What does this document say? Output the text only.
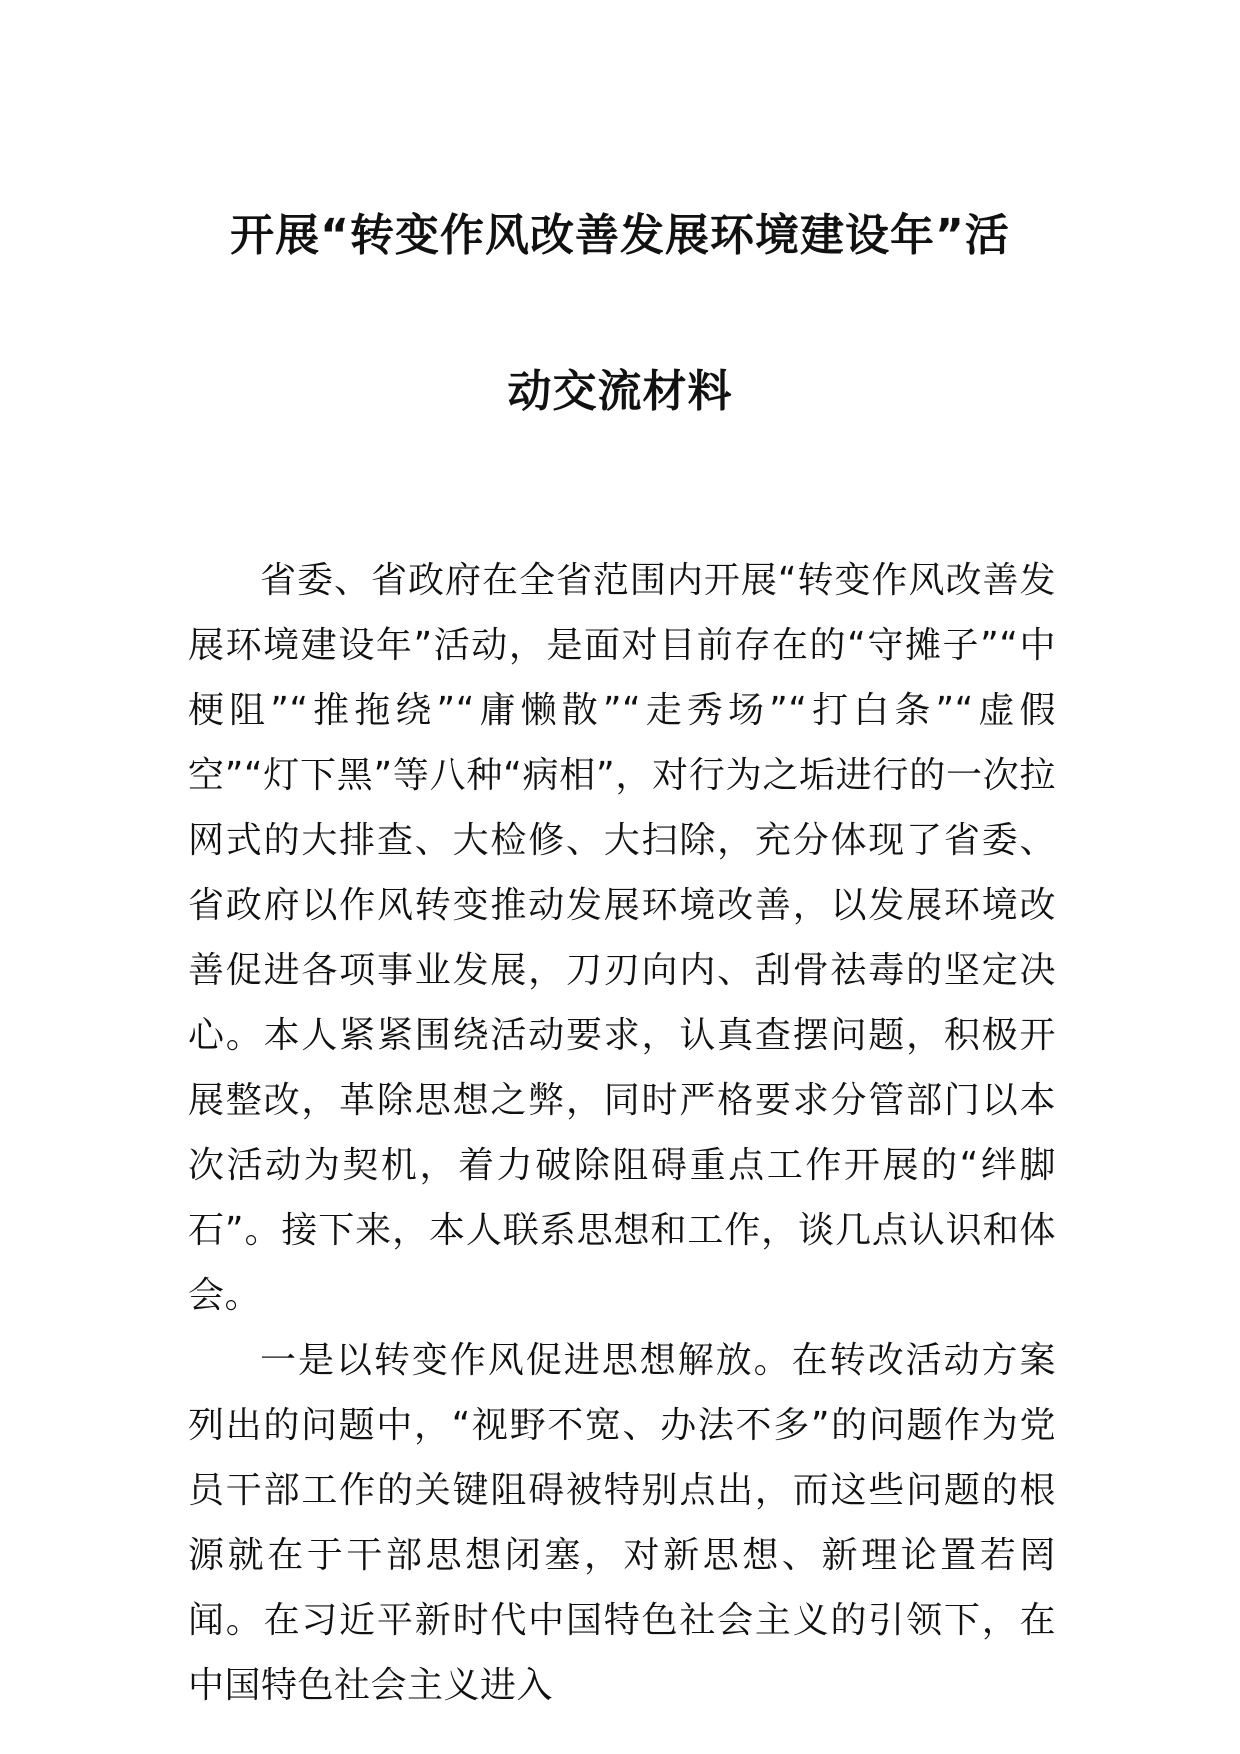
开展“转变作风改善发展环境建设年”活
动交流材料

省委、省政府在全省范围内开展“转变作风改善发展环境建设年”活动，是面对目前存在的“守摊子”“中梗阻”“推拖绕”“庸懒散”“走秀场”“打白条”“虚假空”“灯下黑”等八种“病相”，对行为之垢进行的一次拉网式的大排查、大检修、大扫除，充分体现了省委、省政府以作风转变推动发展环境改善，以发展环境改善促进各项事业发展，刀刃向内、刮骨祛毒的坚定决心。本人紧紧围绕活动要求，认真查摆问题，积极开展整改，革除思想之弊，同时严格要求分管部门以本次活动为契机，着力破除阻碍重点工作开展的“绊脚石”。接下来，本人联系思想和工作，谈几点认识和体会。

一是以转变作风促进思想解放。在转改活动方案列出的问题中，“视野不宽、办法不多”的问题作为党员干部工作的关键阻碍被特别点出，而这些问题的根源就在于干部思想闭塞，对新思想、新理论置若罔闻。在习近平新时代中国特色社会主义的引领下，在中国特色社会主义进入
